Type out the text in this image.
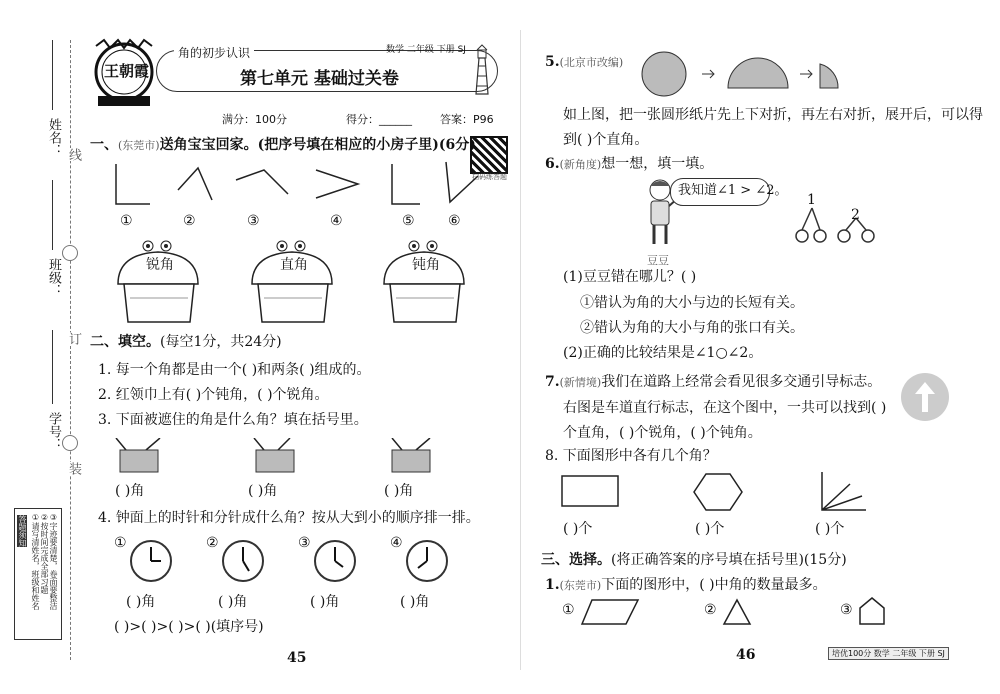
姓名：
班级：
学号：
线
订
装
答题须知 ①请写清姓名，班级和姓名 ②按时间完成全部习题 ③字迹要清楚，卷面要整洁
王朝霞
角的初步认识	数学 二年级 下册 SJ
第七单元 基础过关卷
满分：100分	得分：______	答案：P96
扫码练答题
一、(东莞市)送角宝宝回家。(把序号填在相应的小房子里)(6分)
①	②	③	④	⑤ ⑥
锐角	直角	钝角
二、填空。(每空1分，共24分)
1. 每一个角都是由一个( )和两条( )组成的。
2. 红领巾上有( )个钝角，( )个锐角。
3. 下面被遮住的角是什么角？填在括号里。
( )角	( )角	( )角
4. 钟面上的时针和分针成什么角？按从大到小的顺序排一排。
①	②	③	④
( )角	( )角	( )角	( )角
( )>( )>( )>( )(填序号)
45
5.(北京市改编)
如上图，把一张圆形纸片先上下对折，再左右对折，展开后，可以得
到( )个直角。
6.(新角度)想一想，填一填。
我知道∠1 > ∠2。
豆豆
1
2
(1)豆豆错在哪儿？( )
①错认为角的大小与边的长短有关。
②错认为角的大小与角的张口有关。
(2)正确的比较结果是∠1○∠2。
7.(新情境)我们在道路上经常会看见很多交通引导标志。
右图是车道直行标志，在这个图中，一共可以找到( )
个直角，( )个锐角，( )个钝角。
8. 下面图形中各有几个角？
( )个	( )个	( )个
三、选择。(将正确答案的序号填在括号里)(15分)
1.(东莞市)下面的图形中，( )中角的数量最多。
①	②	③
46	培优100分 数学 二年级 下册 SJ
